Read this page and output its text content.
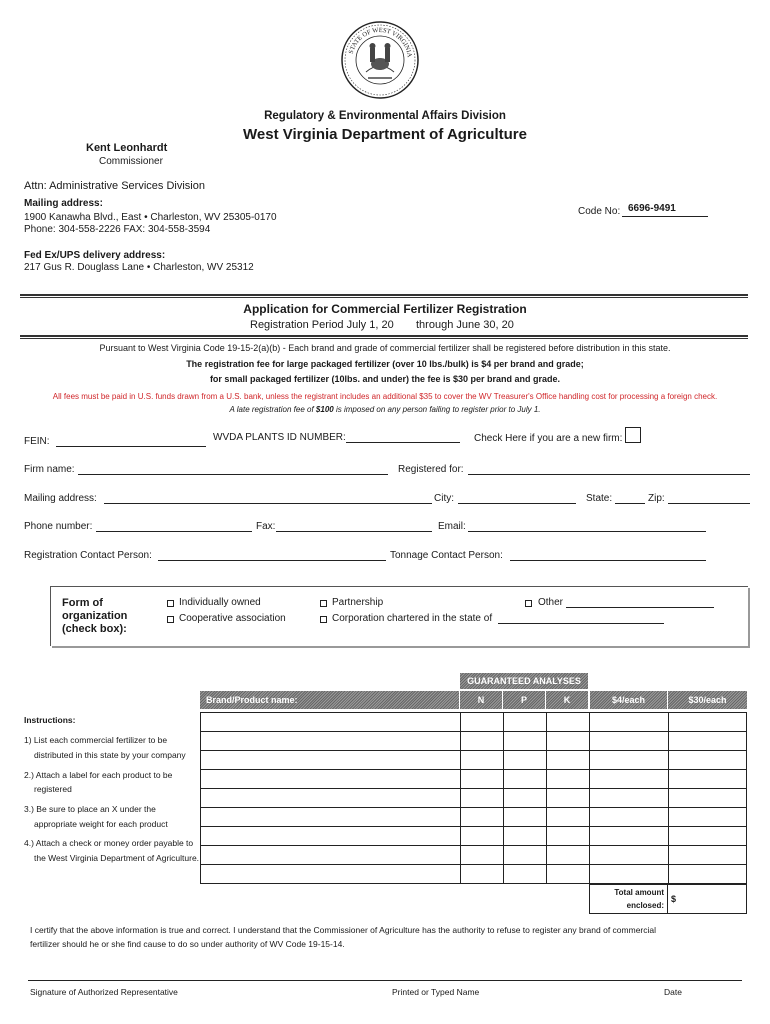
STATE OF WEST VIRGINIA
Regulatory & Environmental Affairs Division
West Virginia Department of Agriculture
Kent Leonhardt
Commissioner
Attn: Administrative Services Division
Mailing address:
1900 Kanawha Blvd., East • Charleston, WV 25305-0170
Phone: 304-558-2226 FAX: 304-558-3594
Code No: 6696-9491
Fed Ex/UPS delivery address:
217 Gus R. Douglass Lane • Charleston, WV 25312
Application for Commercial Fertilizer Registration
Registration Period July 1, 20 through June 30, 20
Pursuant to West Virginia Code 19-15-2(a)(b) - Each brand and grade of commercial fertilizer shall be registered before distribution in this state.
The registration fee for large packaged fertilizer (over 10 lbs./bulk) is $4 per brand and grade;
for small packaged fertilizer (10lbs. and under) the fee is $30 per brand and grade.
All fees must be paid in U.S. funds drawn from a U.S. bank, unless the registrant includes an additional $35 to cover the WV Treasurer's Office handling cost for processing a foreign check.
A late registration fee of $100 is imposed on any person failing to register prior to July 1.
FEIN:	WVDA PLANTS ID NUMBER:	Check Here if you are a new firm:
Firm name:	Registered for:
Mailing address:	City:	State:	Zip:
Phone number:	Fax:	Email:
Registration Contact Person:	Tonnage Contact Person:
Form of
organization
(check box):
Individually owned	Partnership	Other
Cooperative association	Corporation chartered in the state of
GUARANTEED ANALYSES
Brand/Product name:	N	P	K	$4/each	$30/each
Total amount
enclosed:
$
Instructions:
1) List each commercial fertilizer to be
distributed in this state by your company
2.) Attach a label for each product to be
registered
3.) Be sure to place an X under the
appropriate weight for each product
4.) Attach a check or money order payable to
the West Virginia Department of Agriculture.
I certify that the above information is true and correct. I understand that the Commissioner of Agriculture has the authority to refuse to register any brand of commercial
fertilizer should he or she find cause to do so under authority of WV Code 19-15-14.
Signature of Authorized Representative	Printed or Typed Name	Date
